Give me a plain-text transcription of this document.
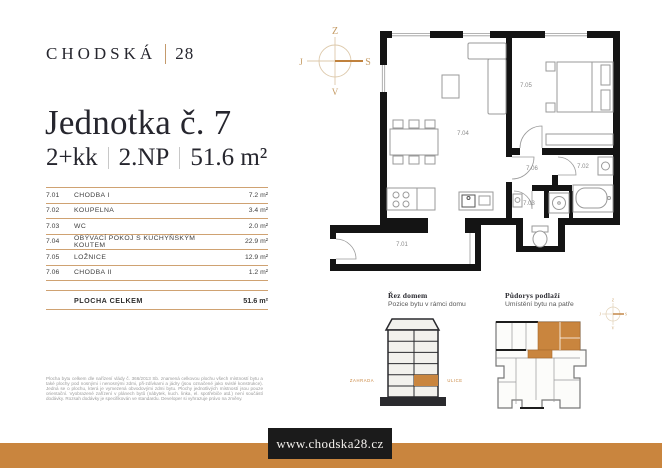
CHODSKÁ 28
Jednotka č. 7
2+kk 2.NP 51.6 m²
7.01	CHODBA I	7.2 m²
7.02	KOUPELNA	3.4 m²
7.03	WC	2.0 m²
7.04	OBÝVACÍ POKOJ S KUCHYŇSKÝM KOUTEM	22.9 m²
7.05	LOŽNICE	12.9 m²
7.06	CHODBA II	1.2 m²
PLOCHA CELKEM	51.6 m²
Plocha bytu celkem dle nařízení vlády č. 366/2013 Sb. znamená celkovou plochu všech místností bytu a také plochy pod nosnými i nenosnými zdmi, při-zdívkami a jádry (jsou označené jako svislé konstrukce). Jedná se o plochu, která je vymezená obvodovými zdmi bytu. Plochy jednotlivých místností jsou pouze orientační. Vyobrazené zařízení v plánech bytů (nábytek, kuch. linka, el. spotřebiče atd.) není součástí dodávky. Rozsah dodávky je specifikován ve standardu. Developer si vyhrazuje právo na změny.
Z
J	S
V
7.01
7.02
7.03
7.04
7.05
7.06
Řez domem
Pozice bytu v rámci domu
Půdorys podlaží
Umístění bytu na patře
ZAHRADA	ULICE
Z
J	S
V
www.chodska28.cz
